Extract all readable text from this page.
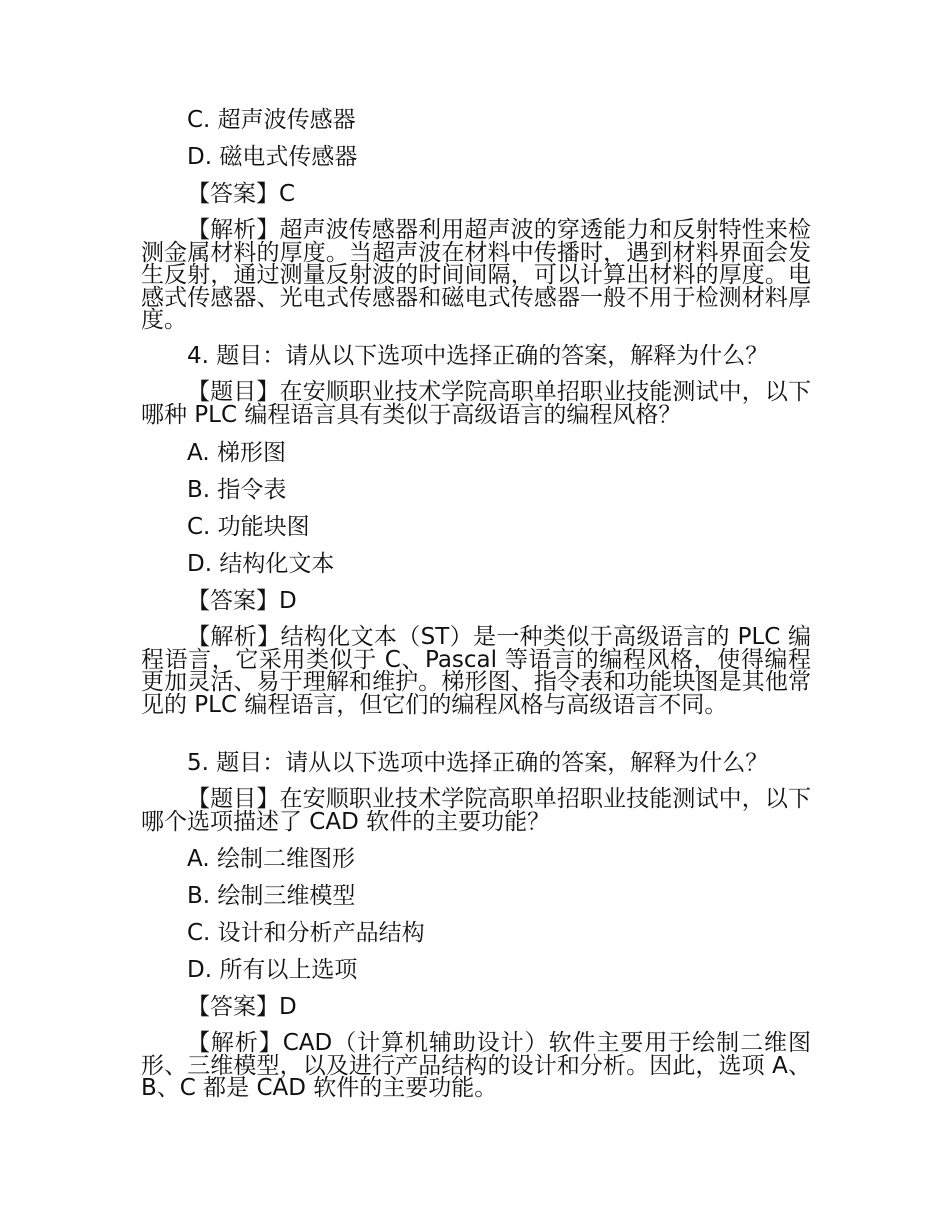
C. 超声波传感器
D. 磁电式传感器
【答案】C
【解析】超声波传感器利用超声波的穿透能力和反射特性来检测金属材料的厚度。当超声波在材料中传播时，遇到材料界面会发生反射，通过测量反射波的时间间隔，可以计算出材料的厚度。电感式传感器、光电式传感器和磁电式传感器一般不用于检测材料厚度。
4. 题目：请从以下选项中选择正确的答案，解释为什么？
【题目】在安顺职业技术学院高职单招职业技能测试中，以下哪种 PLC 编程语言具有类似于高级语言的编程风格？
A. 梯形图
B. 指令表
C. 功能块图
D. 结构化文本
【答案】D
【解析】结构化文本（ST）是一种类似于高级语言的 PLC 编程语言，它采用类似于 C、Pascal 等语言的编程风格，使得编程更加灵活、易于理解和维护。梯形图、指令表和功能块图是其他常见的 PLC 编程语言，但它们的编程风格与高级语言不同。
5. 题目：请从以下选项中选择正确的答案，解释为什么？
【题目】在安顺职业技术学院高职单招职业技能测试中，以下哪个选项描述了 CAD 软件的主要功能？
A. 绘制二维图形
B. 绘制三维模型
C. 设计和分析产品结构
D. 所有以上选项
【答案】D
【解析】CAD（计算机辅助设计）软件主要用于绘制二维图形、三维模型，以及进行产品结构的设计和分析。因此，选项 A、B、C 都是 CAD 软件的主要功能。
